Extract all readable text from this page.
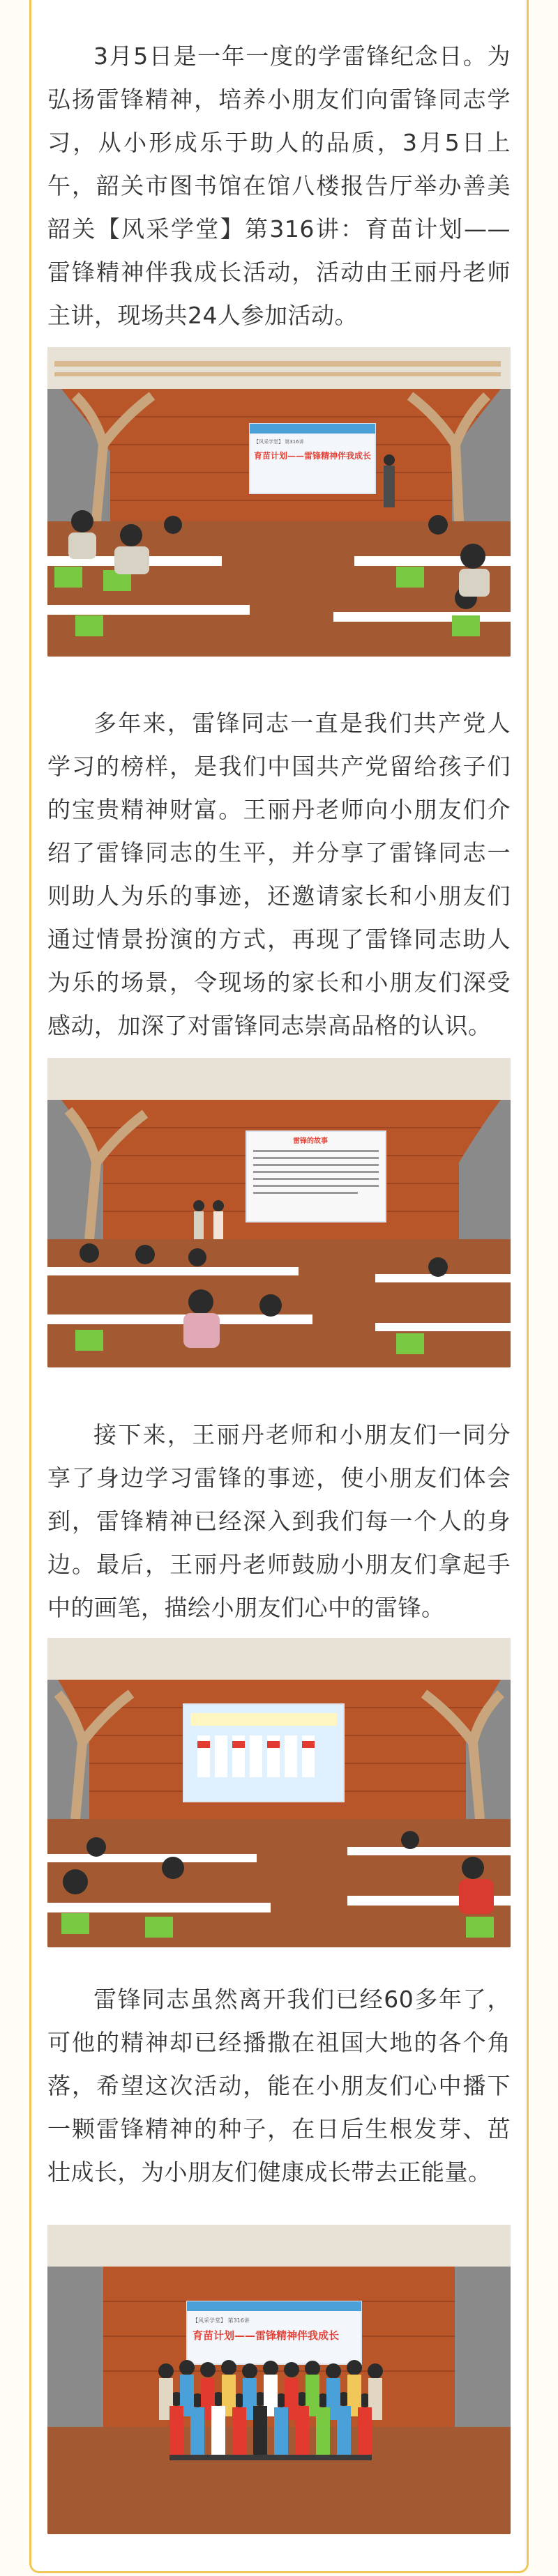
3月5日是一年一度的学雷锋纪念日。为弘扬雷锋精神，培养小朋友们向雷锋同志学习，从小形成乐于助人的品质，3月5日上午，韶关市图书馆在馆八楼报告厅举办善美韶关【风采学堂】第316讲：育苗计划——雷锋精神伴我成长活动，活动由王丽丹老师主讲，现场共24人参加活动。

【风采学堂】 第316讲
育苗计划——雷锋精神伴我成长

多年来，雷锋同志一直是我们共产党人学习的榜样，是我们中国共产党留给孩子们的宝贵精神财富。王丽丹老师向小朋友们介绍了雷锋同志的生平，并分享了雷锋同志一则助人为乐的事迹，还邀请家长和小朋友们通过情景扮演的方式，再现了雷锋同志助人为乐的场景，令现场的家长和小朋友们深受感动，加深了对雷锋同志崇高品格的认识。

雷锋的故事

接下来，王丽丹老师和小朋友们一同分享了身边学习雷锋的事迹，使小朋友们体会到，雷锋精神已经深入到我们每一个人的身边。最后，王丽丹老师鼓励小朋友们拿起手中的画笔，描绘小朋友们心中的雷锋。

雷锋同志虽然离开我们已经60多年了，可他的精神却已经播撒在祖国大地的各个角落，希望这次活动，能在小朋友们心中播下一颗雷锋精神的种子，在日后生根发芽、茁壮成长，为小朋友们健康成长带去正能量。

【风采学堂】 第316讲
育苗计划——雷锋精神伴我成长
